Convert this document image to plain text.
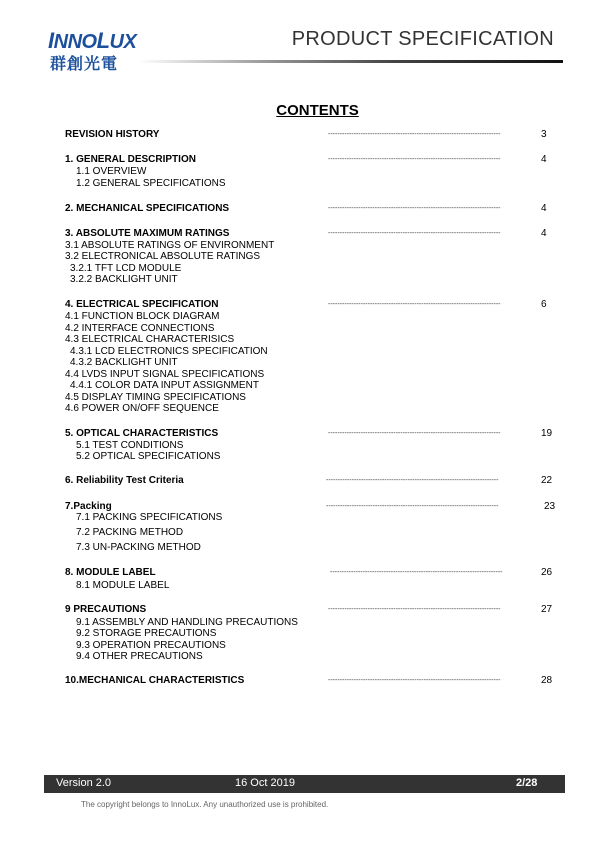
INNOLUX
群創光電
PRODUCT SPECIFICATION
CONTENTS
REVISION HISTORY	--------------------------------------------------------------------------	3
1. GENERAL DESCRIPTION	--------------------------------------------------------------------------	4
1.1 OVERVIEW
1.2 GENERAL SPECIFICATIONS
2. MECHANICAL SPECIFICATIONS	--------------------------------------------------------------------------	4
3. ABSOLUTE MAXIMUM RATINGS	--------------------------------------------------------------------------	4
3.1 ABSOLUTE RATINGS OF ENVIRONMENT
3.2 ELECTRONICAL ABSOLUTE RATINGS
3.2.1 TFT LCD MODULE
3.2.2 BACKLIGHT UNIT
4. ELECTRICAL SPECIFICATION	--------------------------------------------------------------------------	6
4.1 FUNCTION BLOCK DIAGRAM
4.2 INTERFACE CONNECTIONS
4.3 ELECTRICAL CHARACTERISICS
4.3.1 LCD ELECTRONICS SPECIFICATION
4.3.2 BACKLIGHT UNIT
4.4 LVDS INPUT SIGNAL SPECIFICATIONS
4.4.1 COLOR DATA INPUT ASSIGNMENT
4.5 DISPLAY TIMING SPECIFICATIONS
4.6 POWER ON/OFF SEQUENCE
5. OPTICAL CHARACTERISTICS	--------------------------------------------------------------------------	19
5.1 TEST CONDITIONS
5.2 OPTICAL SPECIFICATIONS
6. Reliability Test Criteria	--------------------------------------------------------------------------	22
7.Packing	--------------------------------------------------------------------------	23
7.1 PACKING SPECIFICATIONS
7.2 PACKING METHOD
7.3 UN-PACKING METHOD
8. MODULE LABEL	--------------------------------------------------------------------------	26
8.1 MODULE LABEL
9 PRECAUTIONS	--------------------------------------------------------------------------	27
9.1 ASSEMBLY AND HANDLING PRECAUTIONS
9.2 STORAGE PRECAUTIONS
9.3 OPERATION PRECAUTIONS
9.4 OTHER PRECAUTIONS
10.MECHANICAL CHARACTERISTICS	--------------------------------------------------------------------------	28
Version 2.0	16 Oct 2019	2/28
The copyright belongs to InnoLux. Any unauthorized use is prohibited.
